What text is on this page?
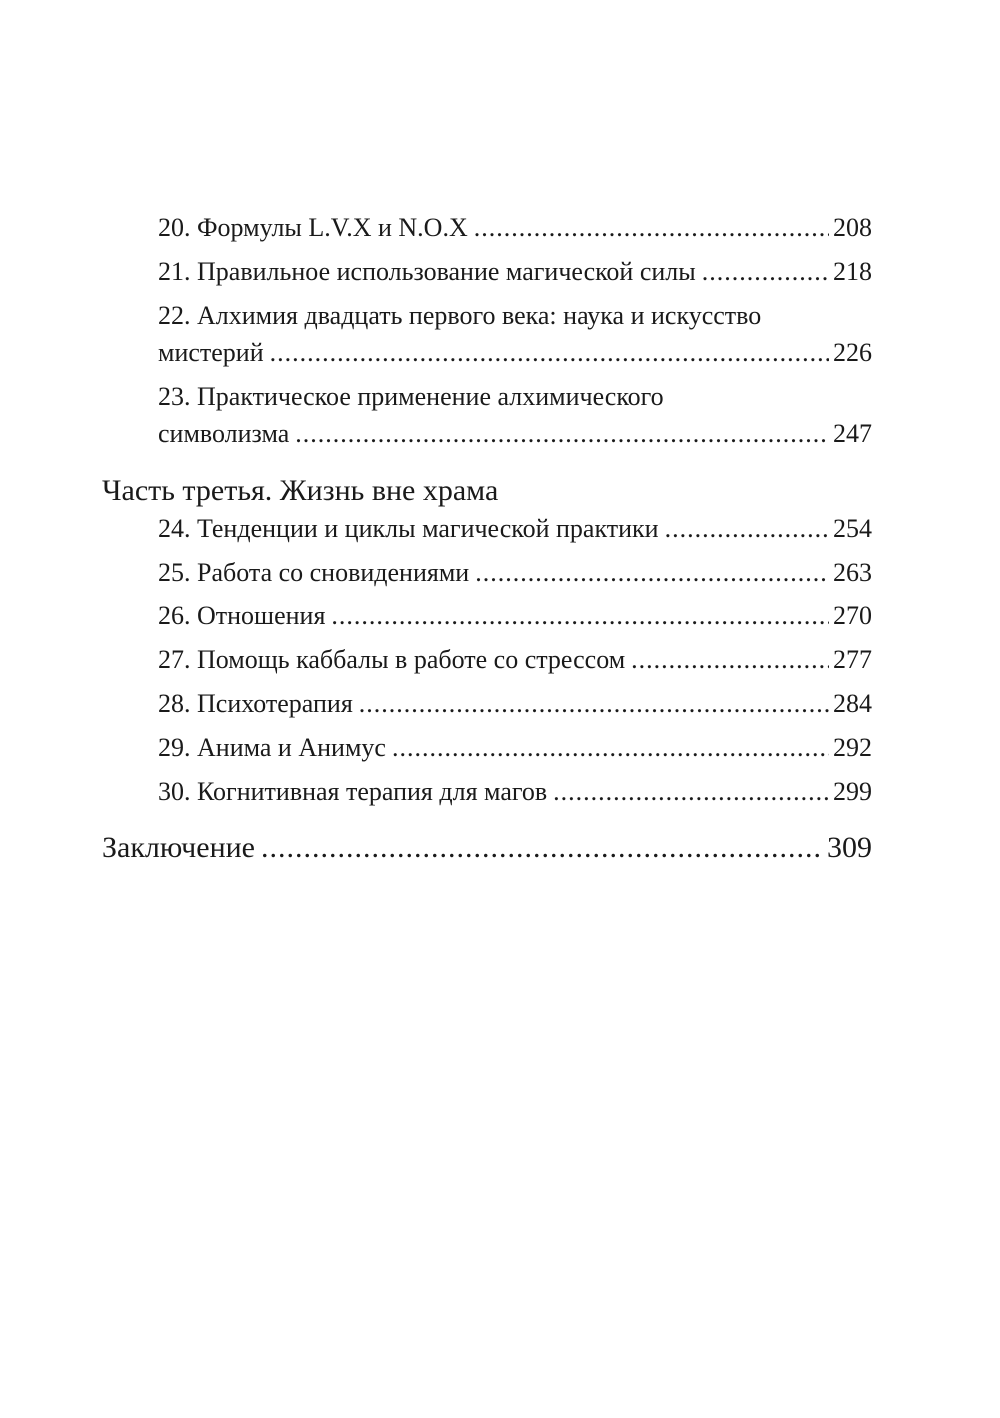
20. Формулы L.V.X и N.O.X .....	208
21. Правильное использование магической силы .....	218
22. Алхимия двадцать первого века: наука и искусство
мистерий .....	226
23. Практическое применение алхимического
символизма .....	247
Часть третья. Жизнь вне храма
24. Тенденции и циклы магической практики .....	254
25. Работа со сновидениями .....	263
26. Отношения .....	270
27. Помощь каббалы в работе со стрессом .....	277
28. Психотерапия .....	284
29. Анима и Анимус .....	292
30. Когнитивная терапия для магов .....	299
Заключение .....	309
